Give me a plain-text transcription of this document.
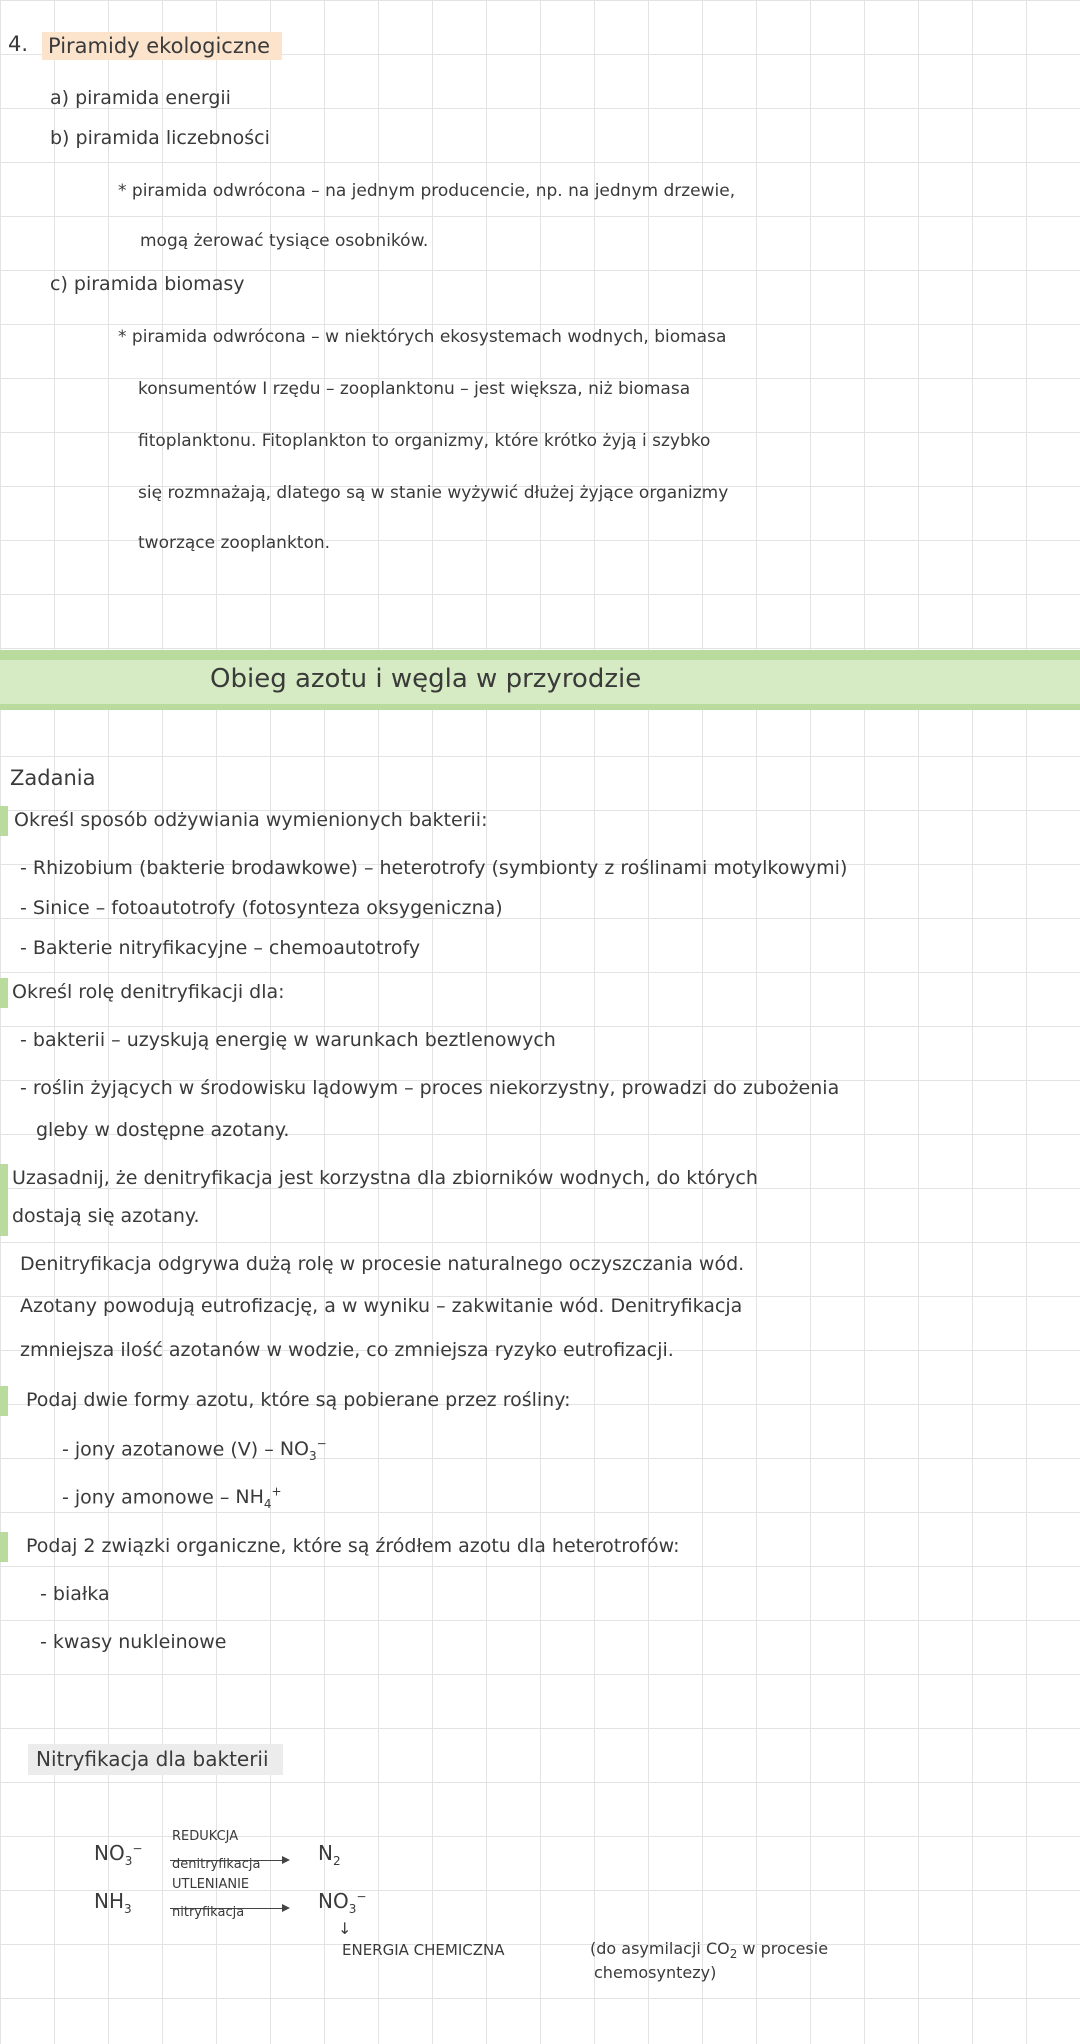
4. Piramidy ekologiczne
a) piramida energii
b) piramida liczebności
* piramida odwrócona – na jednym producencie, np. na jednym drzewie,
mogą żerować tysiące osobników.
c) piramida biomasy
* piramida odwrócona – w niektórych ekosystemach wodnych, biomasa
konsumentów I rzędu – zooplanktonu – jest większa, niż biomasa
fitoplanktonu. Fitoplankton to organizmy, które krótko żyją i szybko
się rozmnażają, dlatego są w stanie wyżywić dłużej żyjące organizmy
tworzące zooplankton.
Obieg azotu i węgla w przyrodzie
Zadania
Określ sposób odżywiania wymienionych bakterii:
- Rhizobium (bakterie brodawkowe) – heterotrofy (symbionty z roślinami motylkowymi)
- Sinice – fotoautotrofy (fotosynteza oksygeniczna)
- Bakterie nitryfikacyjne – chemoautotrofy
Określ rolę denitryfikacji dla:
- bakterii – uzyskują energię w warunkach beztlenowych
- roślin żyjących w środowisku lądowym – proces niekorzystny, prowadzi do zubożenia
gleby w dostępne azotany.
Uzasadnij, że denitryfikacja jest korzystna dla zbiorników wodnych, do których
dostają się azotany.
Denitryfikacja odgrywa dużą rolę w procesie naturalnego oczyszczania wód.
Azotany powodują eutrofizację, a w wyniku – zakwitanie wód. Denitryfikacja
zmniejsza ilość azotanów w wodzie, co zmniejsza ryzyko eutrofizacji.
Podaj dwie formy azotu, które są pobierane przez rośliny:
- jony azotanowe $(V) - NO_3^-$
- jony amonowe – $NH_4^+$
Podaj 2 związki organiczne, które są źródłem azotu dla heterotrofów:
- białka
- kwasy nukleinowe
Nitryfikacja dla bakterii
$NO_3^-$
REDUKCJA
denitryfikacja	$N_2$
$NH_3$
UTLENIANIE
nitryfikacja	$NO_3^-$
↓
ENERGIA CHEMICZNA	(do asymilacji $CO_2$ w procesie
chemosyntezy)
